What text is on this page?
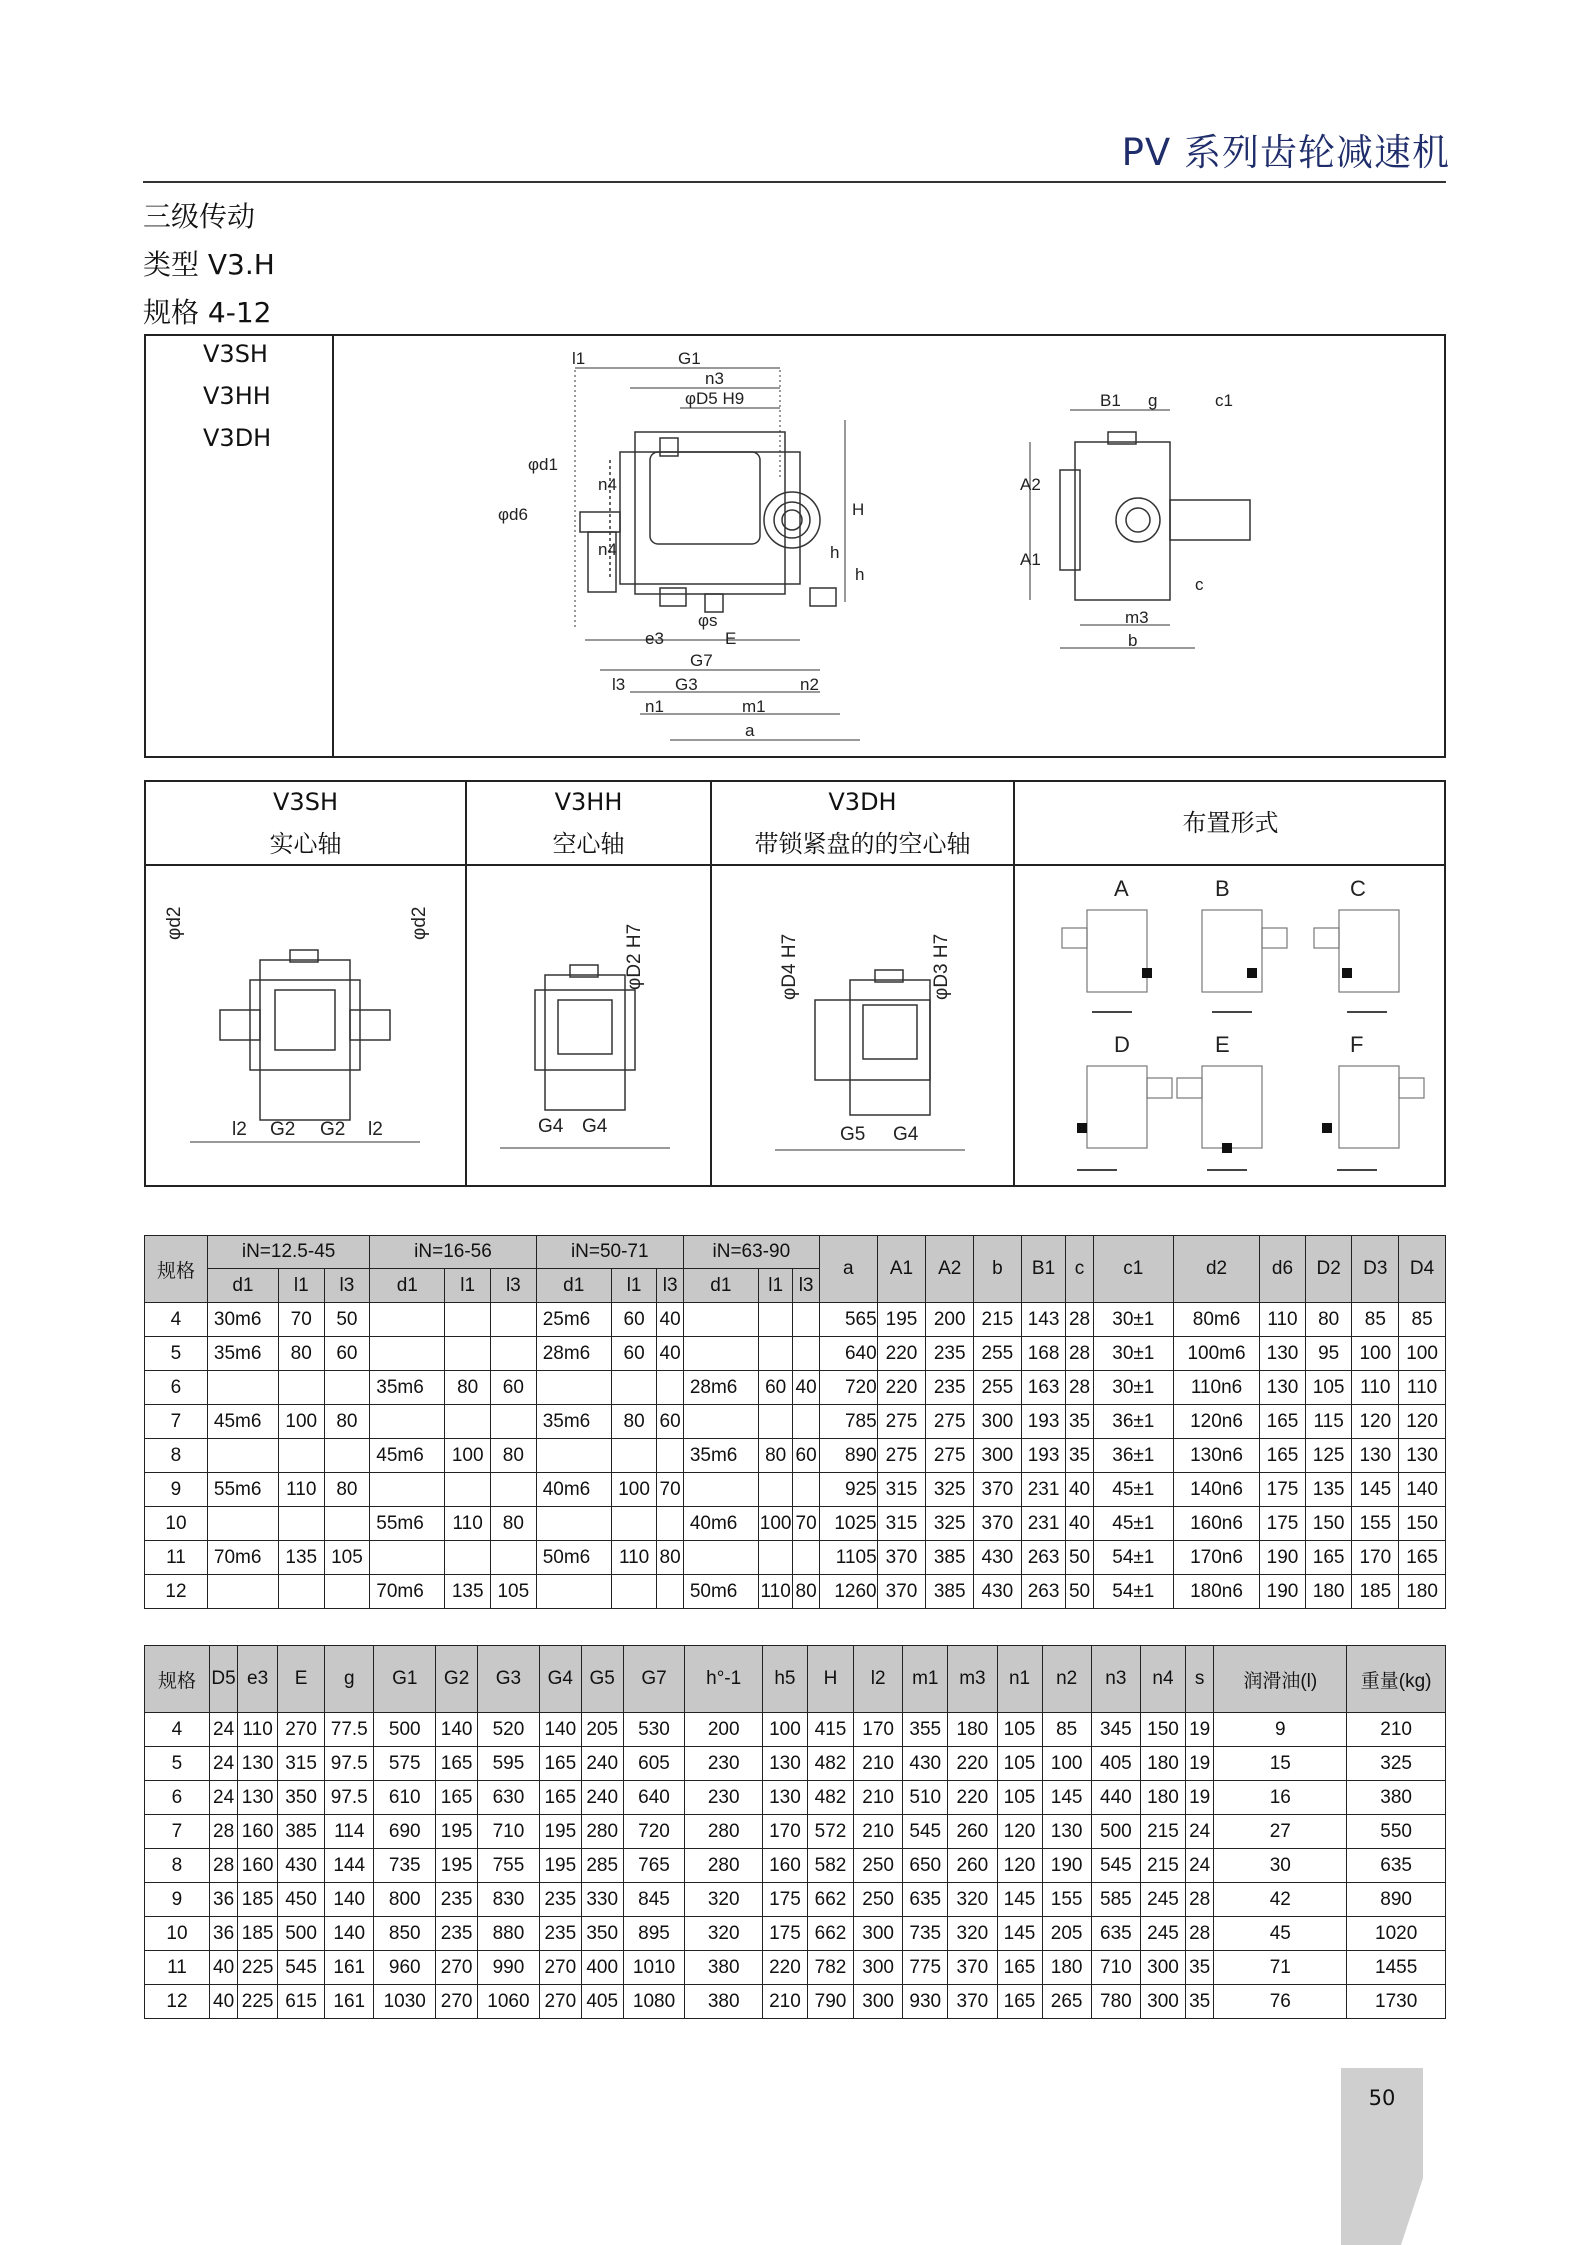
PV 系列齿轮减速机
三级传动
类型 V3.H
规格 4-12
V3SH
V3HH
V3DH
l1	G1
n3
φD5 H9
φd1
φd6
n4
n4
H
h
h
φs
e3	E
G7
l3	G3	n2
n1	m1
a
B1 g	c1
A2
A1
c
m3
b
V3SH
实心轴
V3HH
空心轴
V3DH
带锁紧盘的的空心轴
布置形式
φd2	φd2
l2 G2 G2 l2
φD2 H7
G4 G4
φD4 H7	φD3 H7
G5 G4
A	B	C
D	E	F
规格	iN=12.5-45			iN=16-56			iN=50-71			iN=63-90			a	A1	A2	b	B1	c	c1	d2	d6	D2	D3	D4
	d1	l1	l3	d1	l1	l3	d1	l1	l3	d1	l1	l3												
4	30m6	70	50				25m6	60	40				565	195	200	215	143	28	30±1	80m6	110	80	85	85
5	35m6	80	60				28m6	60	40				640	220	235	255	168	28	30±1	100m6	130	95	100	100
6				35m6	80	60				28m6	60	40	720	220	235	255	163	28	30±1	110n6	130	105	110	110
7	45m6	100	80				35m6	80	60				785	275	275	300	193	35	36±1	120n6	165	115	120	120
8				45m6	100	80				35m6	80	60	890	275	275	300	193	35	36±1	130n6	165	125	130	130
9	55m6	110	80				40m6	100	70				925	315	325	370	231	40	45±1	140n6	175	135	145	140
10				55m6	110	80				40m6	100	70	1025	315	325	370	231	40	45±1	160n6	175	150	155	150
11	70m6	135	105				50m6	110	80				1105	370	385	430	263	50	54±1	170n6	190	165	170	165
12				70m6	135	105				50m6	110	80	1260	370	385	430	263	50	54±1	180n6	190	180	185	180
规格	D5	e3	E	g	G1	G2	G3	G4	G5	G7	h°-1	h5	H	l2	m1	m3	n1	n2	n3	n4	s	润滑油(l)	重量(kg)
4	24	110	270	77.5	500	140	520	140	205	530	200	100	415	170	355	180	105	85	345	150	19	9	210
5	24	130	315	97.5	575	165	595	165	240	605	230	130	482	210	430	220	105	100	405	180	19	15	325
6	24	130	350	97.5	610	165	630	165	240	640	230	130	482	210	510	220	105	145	440	180	19	16	380
7	28	160	385	114	690	195	710	195	280	720	280	170	572	210	545	260	120	130	500	215	24	27	550
8	28	160	430	144	735	195	755	195	285	765	280	160	582	250	650	260	120	190	545	215	24	30	635
9	36	185	450	140	800	235	830	235	330	845	320	175	662	250	635	320	145	155	585	245	28	42	890
10	36	185	500	140	850	235	880	235	350	895	320	175	662	300	735	320	145	205	635	245	28	45	1020
11	40	225	545	161	960	270	990	270	400	1010	380	220	782	300	775	370	165	180	710	300	35	71	1455
12	40	225	615	161	1030	270	1060	270	405	1080	380	210	790	300	930	370	165	265	780	300	35	76	1730
50
